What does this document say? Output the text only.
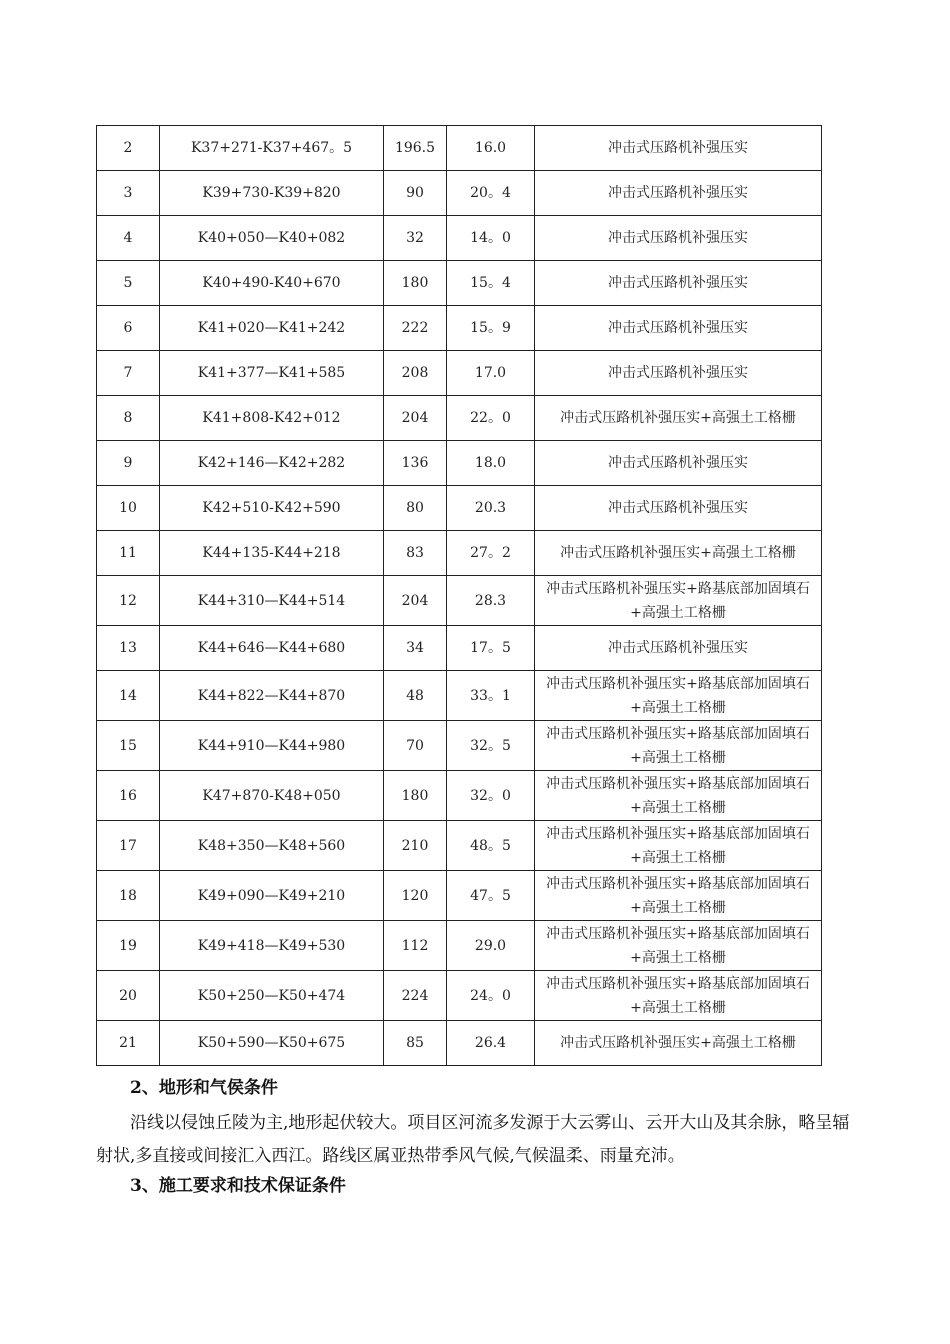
2	K37+271-K37+467。5	196.5	16.0	冲击式压路机补强压实
3	K39+730-K39+820	90	20。4	冲击式压路机补强压实
4	K40+050—K40+082	32	14。0	冲击式压路机补强压实
5	K40+490-K40+670	180	15。4	冲击式压路机补强压实
6	K41+020—K41+242	222	15。9	冲击式压路机补强压实
7	K41+377—K41+585	208	17.0	冲击式压路机补强压实
8	K41+808-K42+012	204	22。0	冲击式压路机补强压实+高强土工格栅
9	K42+146—K42+282	136	18.0	冲击式压路机补强压实
10	K42+510-K42+590	80	20.3	冲击式压路机补强压实
11	K44+135-K44+218	83	27。2	冲击式压路机补强压实+高强土工格栅
12	K44+310—K44+514	204	28.3	冲击式压路机补强压实+路基底部加固填石+高强土工格栅
13	K44+646—K44+680	34	17。5	冲击式压路机补强压实
14	K44+822—K44+870	48	33。1	冲击式压路机补强压实+路基底部加固填石+高强土工格栅
15	K44+910—K44+980	70	32。5	冲击式压路机补强压实+路基底部加固填石+高强土工格栅
16	K47+870-K48+050	180	32。0	冲击式压路机补强压实+路基底部加固填石+高强土工格栅
17	K48+350—K48+560	210	48。5	冲击式压路机补强压实+路基底部加固填石+高强土工格栅
18	K49+090—K49+210	120	47。5	冲击式压路机补强压实+路基底部加固填石+高强土工格栅
19	K49+418—K49+530	112	29.0	冲击式压路机补强压实+路基底部加固填石+高强土工格栅
20	K50+250—K50+474	224	24。0	冲击式压路机补强压实+路基底部加固填石+高强土工格栅
21	K50+590—K50+675	85	26.4	冲击式压路机补强压实+高强土工格栅
2、地形和气侯条件
沿线以侵蚀丘陵为主,地形起伏较大。项目区河流多发源于大云雾山、云开大山及其余脉，略呈辐射状,多直接或间接汇入西江。路线区属亚热带季风气候,气候温柔、雨量充沛。
3、施工要求和技术保证条件
